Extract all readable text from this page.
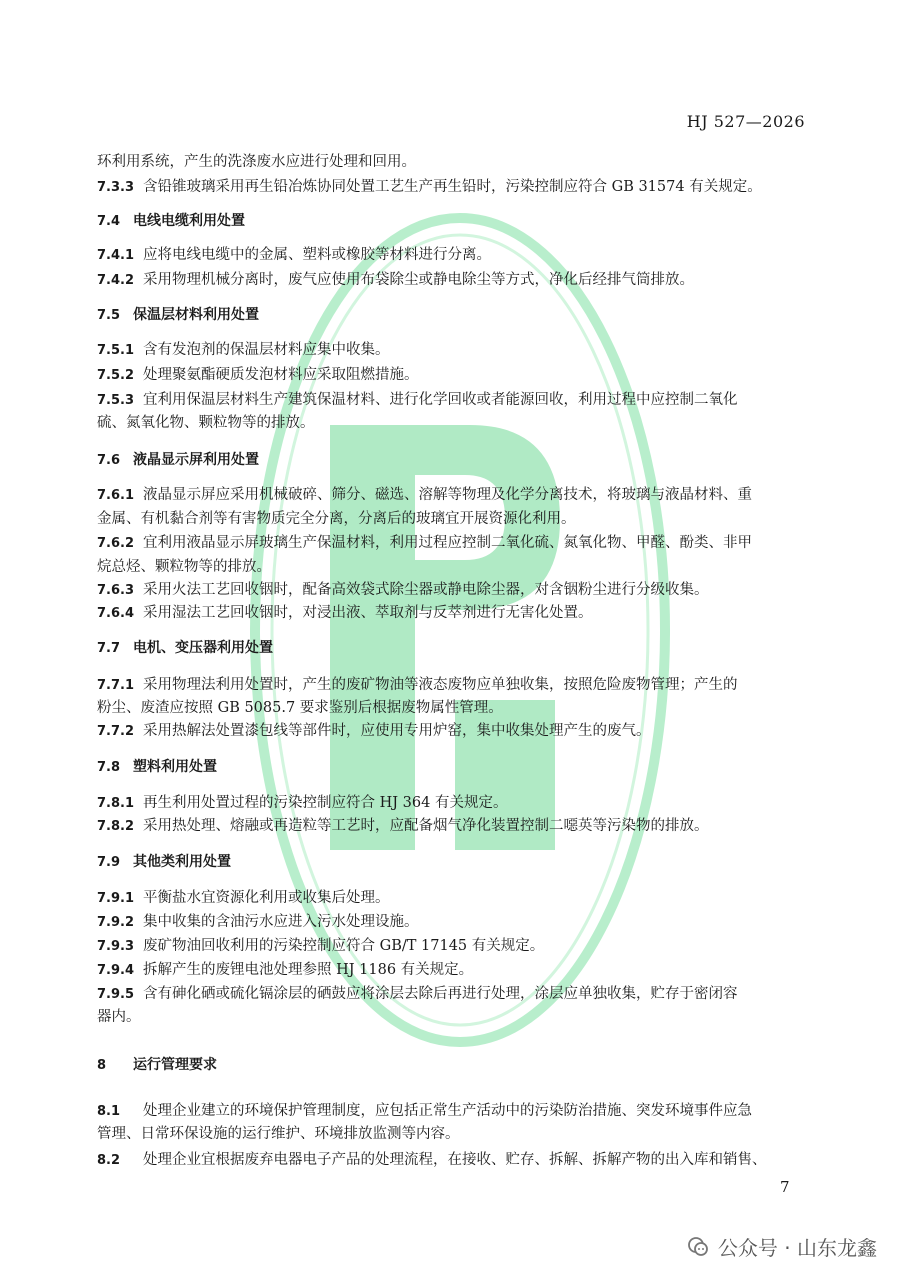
HJ 527—2026
环利用系统，产生的洗涤废水应进行处理和回用。
7.3.3 含铅锥玻璃采用再生铅冶炼协同处置工艺生产再生铅时，污染控制应符合 GB 31574 有关规定。
7.4 电线电缆利用处置
7.4.1 应将电线电缆中的金属、塑料或橡胶等材料进行分离。
7.4.2 采用物理机械分离时，废气应使用布袋除尘或静电除尘等方式，净化后经排气筒排放。
7.5 保温层材料利用处置
7.5.1 含有发泡剂的保温层材料应集中收集。
7.5.2 处理聚氨酯硬质发泡材料应采取阻燃措施。
7.5.3 宜利用保温层材料生产建筑保温材料、进行化学回收或者能源回收，利用过程中应控制二氧化
硫、氮氧化物、颗粒物等的排放。
7.6 液晶显示屏利用处置
7.6.1 液晶显示屏应采用机械破碎、筛分、磁选、溶解等物理及化学分离技术，将玻璃与液晶材料、重
金属、有机黏合剂等有害物质完全分离，分离后的玻璃宜开展资源化利用。
7.6.2 宜利用液晶显示屏玻璃生产保温材料，利用过程应控制二氧化硫、氮氧化物、甲醛、酚类、非甲
烷总烃、颗粒物等的排放。
7.6.3 采用火法工艺回收铟时，配备高效袋式除尘器或静电除尘器，对含铟粉尘进行分级收集。
7.6.4 采用湿法工艺回收铟时，对浸出液、萃取剂与反萃剂进行无害化处置。
7.7 电机、变压器利用处置
7.7.1 采用物理法利用处置时，产生的废矿物油等液态废物应单独收集，按照危险废物管理；产生的
粉尘、废渣应按照 GB 5085.7 要求鉴别后根据废物属性管理。
7.7.2 采用热解法处置漆包线等部件时，应使用专用炉窑，集中收集处理产生的废气。
7.8 塑料利用处置
7.8.1 再生利用处置过程的污染控制应符合 HJ 364 有关规定。
7.8.2 采用热处理、熔融或再造粒等工艺时，应配备烟气净化装置控制二噁英等污染物的排放。
7.9 其他类利用处置
7.9.1 平衡盐水宜资源化利用或收集后处理。
7.9.2 集中收集的含油污水应进入污水处理设施。
7.9.3 废矿物油回收利用的污染控制应符合 GB/T 17145 有关规定。
7.9.4 拆解产生的废锂电池处理参照 HJ 1186 有关规定。
7.9.5 含有砷化硒或硫化镉涂层的硒鼓应将涂层去除后再进行处理，涂层应单独收集，贮存于密闭容
器内。
8 运行管理要求
8.1 处理企业建立的环境保护管理制度，应包括正常生产活动中的污染防治措施、突发环境事件应急
管理、日常环保设施的运行维护、环境排放监测等内容。
8.2 处理企业宜根据废弃电器电子产品的处理流程，在接收、贮存、拆解、拆解产物的出入库和销售、
7
公众号 · 山东龙鑫
